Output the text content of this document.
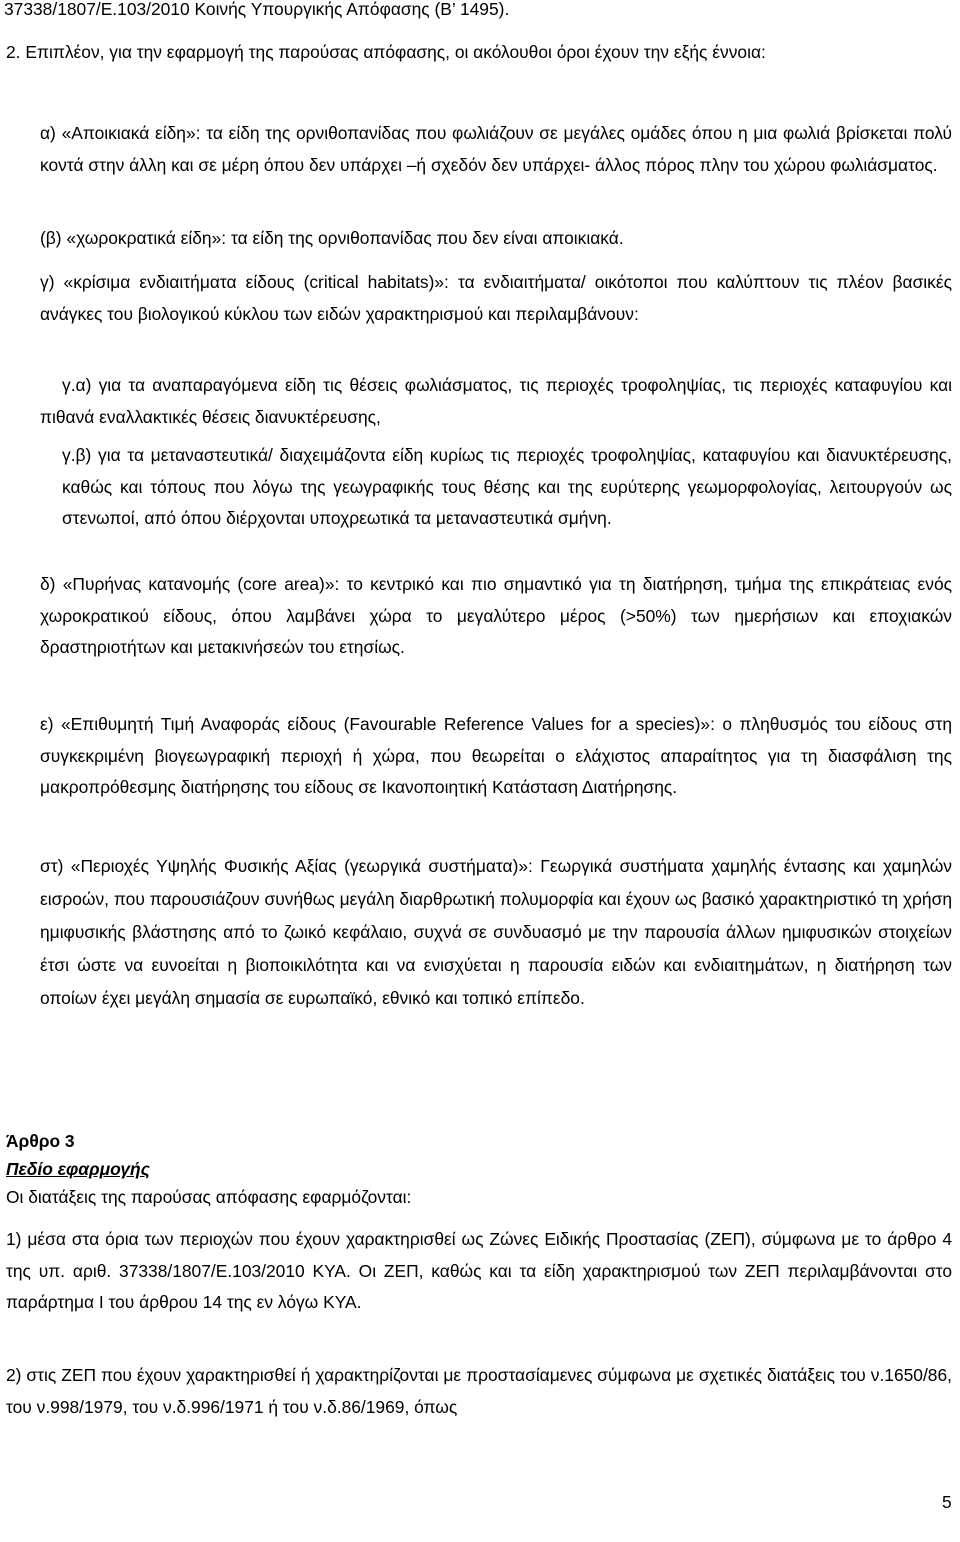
37338/1807/Ε.103/2010 Κοινής Υπουργικής Απόφασης (Β’ 1495).

2. Επιπλέον, για την εφαρμογή της παρούσας απόφασης, οι ακόλουθοι όροι έχουν την εξής έννοια:

α) «Αποικιακά είδη»: τα είδη της ορνιθοπανίδας που φωλιάζουν σε μεγάλες ομάδες όπου η μια φωλιά βρίσκεται πολύ κοντά στην άλλη και σε μέρη όπου δεν υπάρχει –ή σχεδόν δεν υπάρχει- άλλος πόρος πλην του χώρου φωλιάσματος.

(β) «χωροκρατικά είδη»: τα είδη της ορνιθοπανίδας που δεν είναι αποικιακά.

γ) «κρίσιμα ενδιαιτήματα είδους (critical habitats)»: τα ενδιαιτήματα/ οικότοποι που καλύπτουν τις πλέον βασικές ανάγκες του βιολογικού κύκλου των ειδών χαρακτηρισμού και περιλαμβάνουν:

γ.α) για τα αναπαραγόμενα είδη τις θέσεις φωλιάσματος, τις περιοχές τροφοληψίας, τις περιοχές καταφυγίου και πιθανά εναλλακτικές θέσεις διανυκτέρευσης,

γ.β) για τα μεταναστευτικά/ διαχειμάζοντα είδη κυρίως τις περιοχές τροφοληψίας, καταφυγίου και διανυκτέρευσης, καθώς και τόπους που λόγω της γεωγραφικής τους θέσης και της ευρύτερης γεωμορφολογίας, λειτουργούν ως στενωποί, από όπου διέρχονται υποχρεωτικά τα μεταναστευτικά σμήνη.

δ) «Πυρήνας κατανομής (core area)»: το κεντρικό και πιο σημαντικό για τη διατήρηση, τμήμα της επικράτειας ενός χωροκρατικού είδους, όπου λαμβάνει χώρα το μεγαλύτερο μέρος (>50%) των ημερήσιων και εποχιακών δραστηριοτήτων και μετακινήσεών του ετησίως.

ε) «Επιθυμητή Τιμή Αναφοράς είδους (Favourable Reference Values for a species)»: ο πληθυσμός του είδους στη συγκεκριμένη βιογεωγραφική περιοχή ή χώρα, που θεωρείται ο ελάχιστος απαραίτητος για τη διασφάλιση της μακροπρόθεσμης διατήρησης του είδους σε Ικανοποιητική Κατάσταση Διατήρησης.

στ) «Περιοχές Υψηλής Φυσικής Αξίας (γεωργικά συστήματα)»: Γεωργικά συστήματα χαμηλής έντασης και χαμηλών εισροών, που παρουσιάζουν συνήθως μεγάλη διαρθρωτική πολυμορφία και έχουν ως βασικό χαρακτηριστικό τη χρήση ημιφυσικής βλάστησης από το ζωικό κεφάλαιο, συχνά σε συνδυασμό με την παρουσία άλλων ημιφυσικών στοιχείων έτσι ώστε να ευνοείται η βιοποικιλότητα και να ενισχύεται η παρουσία ειδών και ενδιαιτημάτων, η διατήρηση των οποίων έχει μεγάλη σημασία σε ευρωπαϊκό, εθνικό και τοπικό επίπεδο.

Άρθρο 3
Πεδίο εφαρμογής
Οι διατάξεις της παρούσας απόφασης εφαρμόζονται:

1) μέσα στα όρια των περιοχών που έχουν χαρακτηρισθεί ως Ζώνες Ειδικής Προστασίας (ΖΕΠ), σύμφωνα με το άρθρο 4 της υπ. αριθ. 37338/1807/Ε.103/2010 ΚΥΑ. Οι ΖΕΠ, καθώς και τα είδη χαρακτηρισμού των ΖΕΠ περιλαμβάνονται στο παράρτημα Ι του άρθρου 14 της εν λόγω ΚΥΑ.

2) στις ΖΕΠ που έχουν χαρακτηρισθεί ή χαρακτηρίζονται με προστασίαμενες σύμφωνα με σχετικές διατάξεις του ν.1650/86, του ν.998/1979, του ν.δ.996/1971 ή του ν.δ.86/1969, όπως

5
